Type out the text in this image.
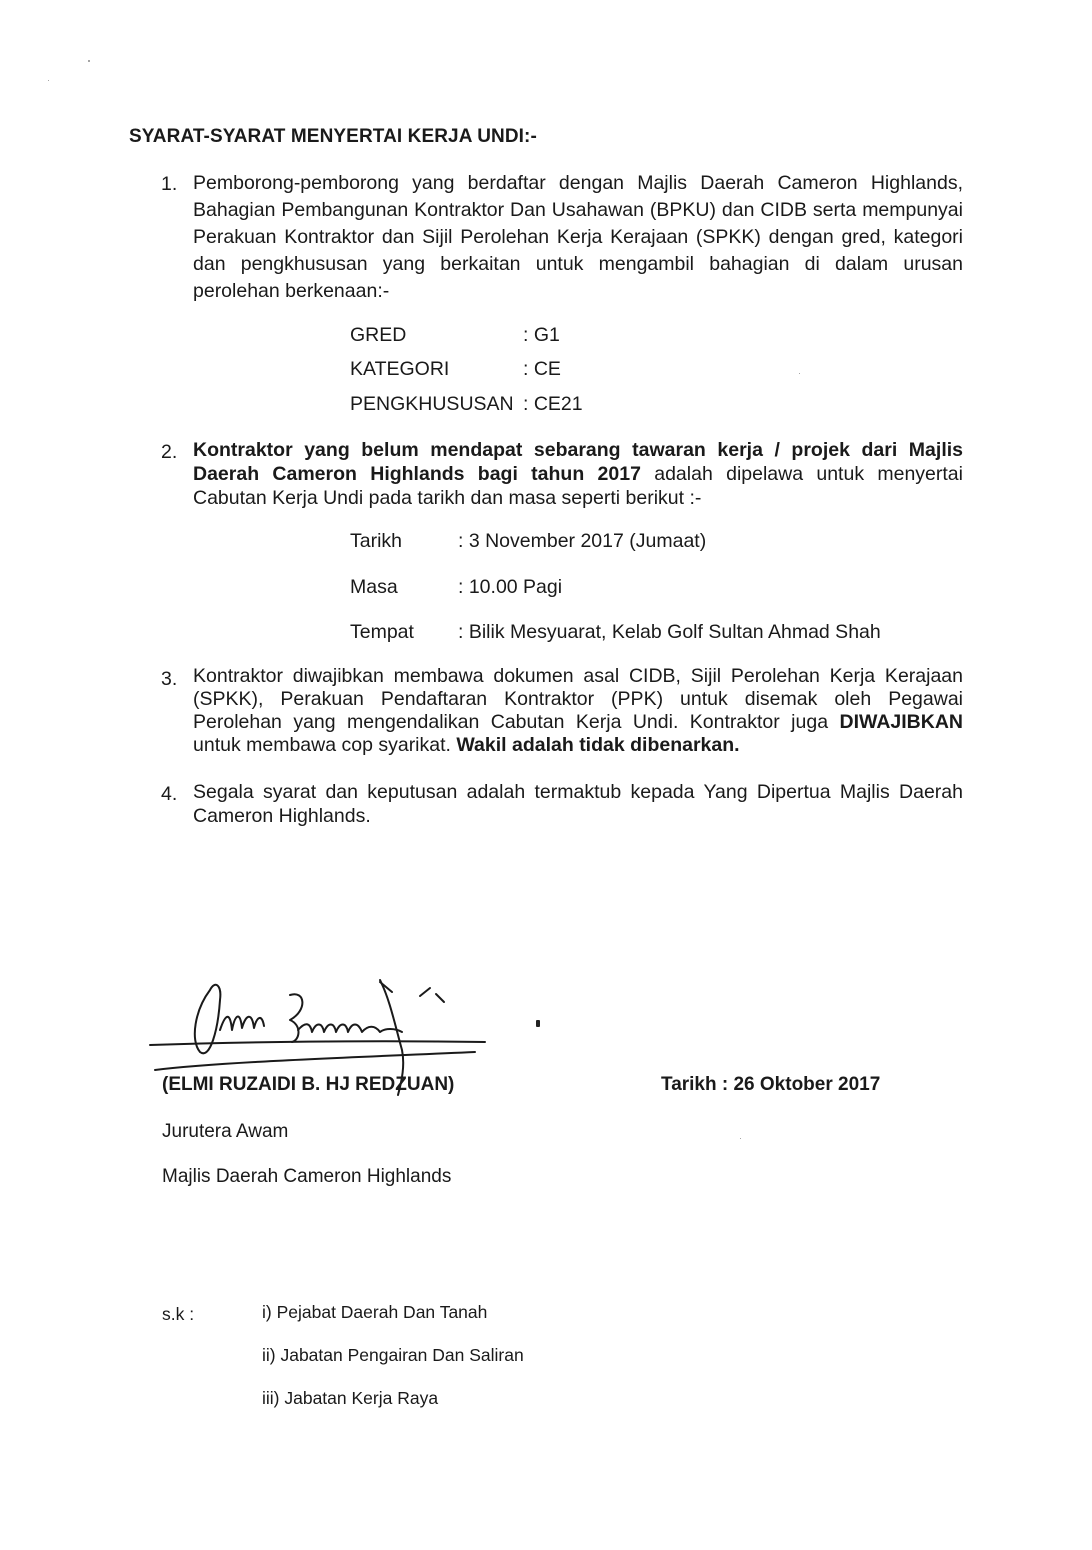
SYARAT-SYARAT MENYERTAI KERJA UNDI:-
1. Pemborong-pemborong yang berdaftar dengan Majlis Daerah Cameron Highlands, Bahagian Pembangunan Kontraktor Dan Usahawan (BPKU) dan CIDB serta mempunyai Perakuan Kontraktor dan Sijil Perolehan Kerja Kerajaan (SPKK) dengan gred, kategori dan pengkhususan yang berkaitan untuk mengambil bahagian di dalam urusan perolehan berkenaan:-
GRED	: G1
KATEGORI	: CE
PENGKHUSUSAN : CE21
2. Kontraktor yang belum mendapat sebarang tawaran kerja / projek dari Majlis Daerah Cameron Highlands bagi tahun 2017 adalah dipelawa untuk menyertai Cabutan Kerja Undi pada tarikh dan masa seperti berikut :-
Tarikh	: 3 November 2017 (Jumaat)
Masa	: 10.00 Pagi
Tempat : Bilik Mesyuarat, Kelab Golf Sultan Ahmad Shah
3. Kontraktor diwajibkan membawa dokumen asal CIDB, Sijil Perolehan Kerja Kerajaan (SPKK), Perakuan Pendaftaran Kontraktor (PPK) untuk disemak oleh Pegawai Perolehan yang mengendalikan Cabutan Kerja Undi. Kontraktor juga DIWAJIBKAN untuk membawa cop syarikat. Wakil adalah tidak dibenarkan.
4. Segala syarat dan keputusan adalah termaktub kepada Yang Dipertua Majlis Daerah Cameron Highlands.
(ELMI RUZAIDI B. HJ REDZUAN)
Jurutera Awam
Majlis Daerah Cameron Highlands
Tarikh : 26 Oktober 2017
s.k :	i) Pejabat Daerah Dan Tanah
ii) Jabatan Pengairan Dan Saliran
iii) Jabatan Kerja Raya
